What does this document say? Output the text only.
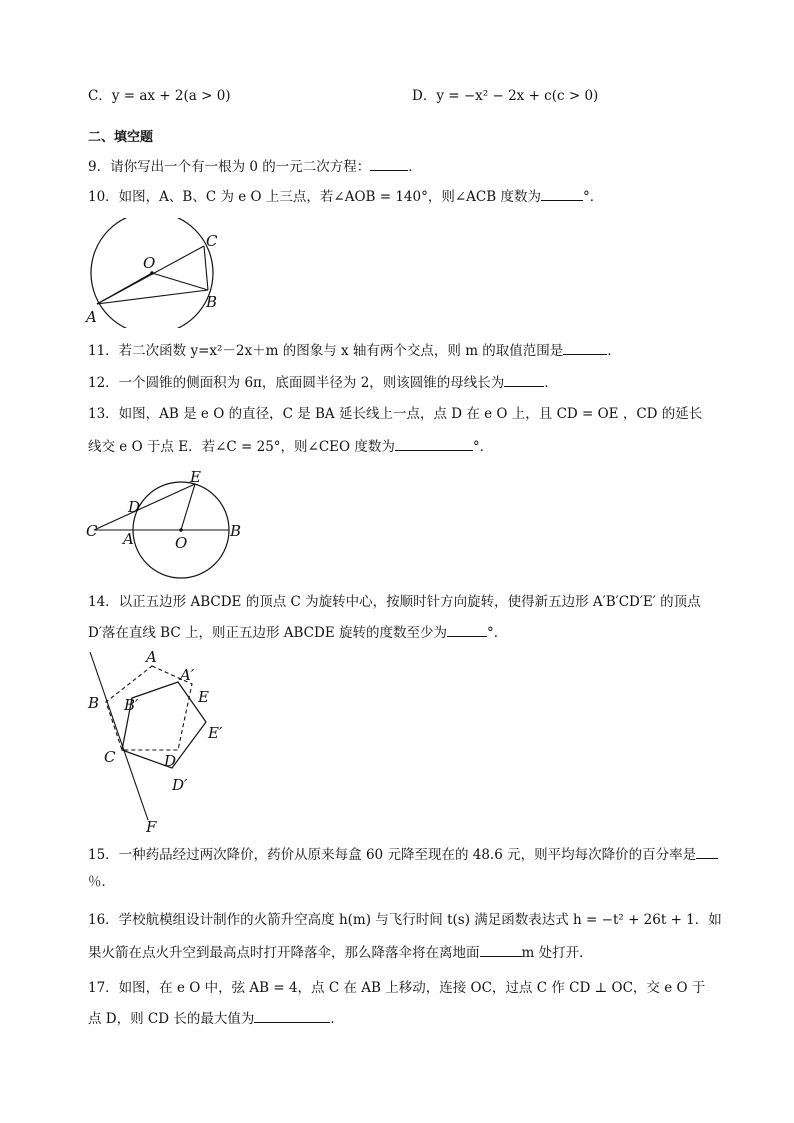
C．y = ax + 2(a > 0)	D．y = −x² − 2x + c(c > 0)
二、填空题
9．请你写出一个有一根为 0 的一元二次方程：	．
10．如图，A、B、C 为 e O 上三点，若∠AOB = 140°，则∠ACB 度数为	°．
O
C
B
A
11．若二次函数 y=x²－2x＋m 的图象与 x 轴有两个交点，则 m 的取值范围是	．
12．一个圆锥的侧面积为 6π，底面圆半径为 2，则该圆锥的母线长为	．
13．如图，AB 是 e O 的直径，C 是 BA 延长线上一点，点 D 在 e O 上，且 CD = OE ，CD 的延长
线交 e O 于点 E．若∠C = 25°，则∠CEO 度数为	°．
E
D
C A	O
B
14．以正五边形 ABCDE 的顶点 C 为旋转中心，按顺时针方向旋转，使得新五边形 A′B′CD′E′ 的顶点
D′落在直线 BC 上，则正五边形 ABCDE 旋转的度数至少为	°．
A
A′
B B′	E
E′
C	D
D′
F
15．一种药品经过两次降价，药价从原来每盒 60 元降至现在的 48.6 元，则平均每次降价的百分率是
％．
16．学校航模组设计制作的火箭升空高度 h(m) 与飞行时间 t(s) 满足函数表达式 h = −t² + 26t + 1．如
果火箭在点火升空到最高点时打开降落伞，那么降落伞将在离地面	m 处打开．
17．如图，在 e O 中，弦 AB = 4，点 C 在 AB 上移动，连接 OC，过点 C 作 CD ⊥ OC，交 e O 于
点 D，则 CD 长的最大值为	．
